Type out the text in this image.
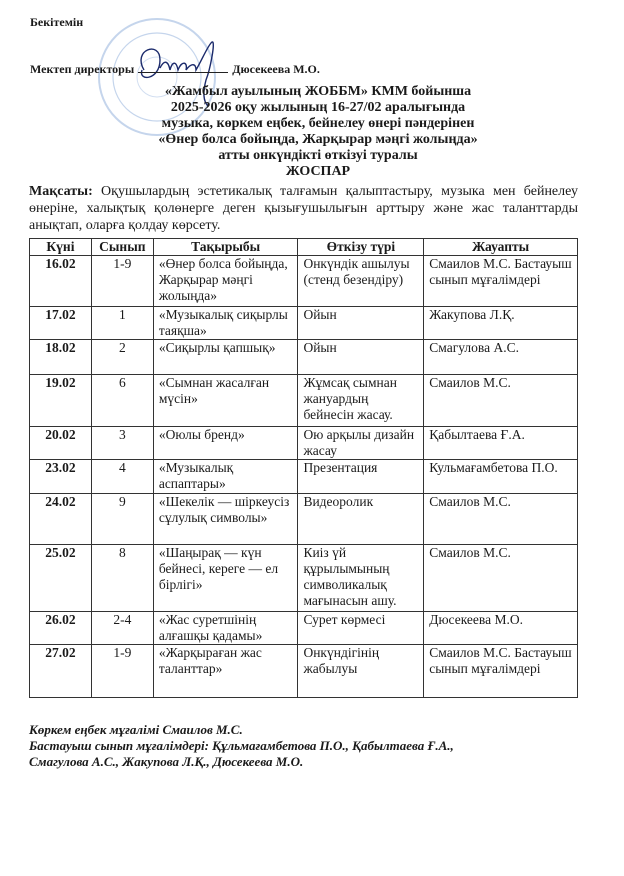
Бекітемін
Мектеп директоры	Дюсекеева М.О.
«Жамбыл ауылының ЖОББМ» КММ бойынша
2025-2026 оқу жылының 16-27/02 аралығында
музыка, көркем еңбек, бейнелеу өнері пәндерінен
«Өнер болса бойыңда, Жарқырар мәңгі жолыңда»
атты онкүндікті өткізуі туралы
ЖОСПАР
Мақсаты: Оқушылардың эстетикалық талғамын қалыптастыру, музыка мен бейнелеу өнеріне, халықтық қолөнерге деген қызығушылығын арттыру және жас таланттарды анықтап, оларға қолдау көрсету.
Күні	Сынып	Тақырыбы	Өткізу түрі	Жауапты
16.02	1-9	«Өнер болса бойыңда, Жарқырар мәңгі жолыңда»	Онкүндік ашылуы (стенд безендіру)	Смаилов М.С. Бастауыш сынып мұғалімдері
17.02	1	«Музыкалық сиқырлы таяқша»	Ойын	Жакупова Л.Қ.
18.02	2	«Сиқырлы қапшық»	Ойын	Смагулова А.С.
19.02	6	«Сымнан жасалған мүсін»	Жұмсақ сымнан жануардың бейнесін жасау.	Смаилов М.С.
20.02	3	«Оюлы бренд»	Ою арқылы дизайн жасау	Қабылтаева Ғ.А.
23.02	4	«Музыкалық аспаптары»	Презентация	Кульмағамбетова П.О.
24.02	9	«Шекелік — шіркеусіз сұлулық символы»	Видеоролик	Смаилов М.С.
25.02	8	«Шаңырақ — күн бейнесі, кереге — ел бірлігі»	Киіз үй құрылымының символикалық мағынасын ашу.	Смаилов М.С.
26.02	2-4	«Жас суретшінің алғашқы қадамы»	Сурет көрмесі	Дюсекеева М.О.
27.02	1-9	«Жарқыраған жас таланттар»	Онкүндігінің жабылуы	Смаилов М.С. Бастауыш сынып мұғалімдері
Көркем еңбек мұғалімі Смаилов М.С.
Бастауыш сынып мұғалімдері: Құльмағамбетова П.О., Қабылтаева Ғ.А.,
Смагулова А.С., Жакупова Л.Қ., Дюсекеева М.О.
